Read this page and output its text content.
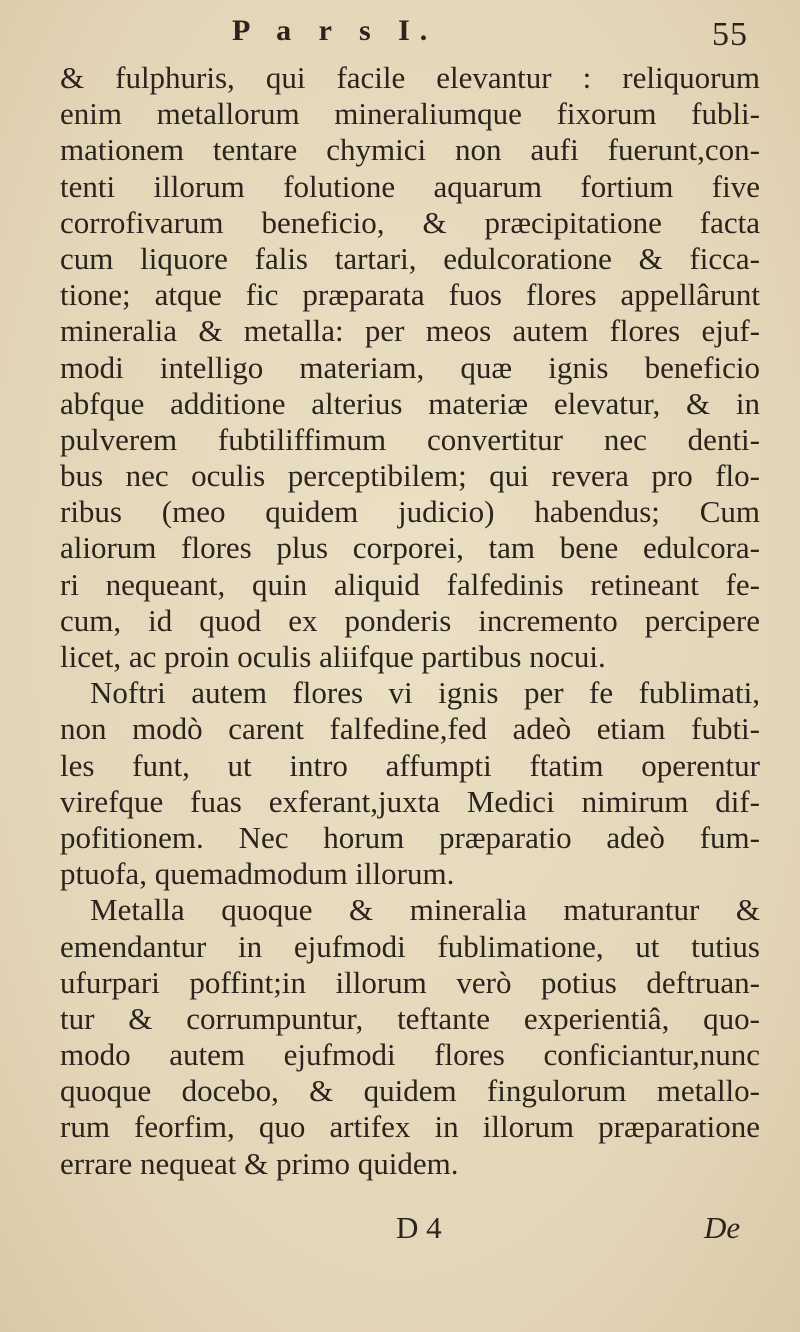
P a r s I.	55
& fulphuris, qui facile elevantur : reliquorum
enim metallorum mineraliumque fixorum fubli-
mationem tentare chymici non aufi fuerunt,con-
tenti illorum folutione aquarum fortium five
corrofivarum beneficio, & præcipitatione facta
cum liquore falis tartari, edulcoratione & ficca-
tione; atque fic præparata fuos flores appellârunt
mineralia & metalla: per meos autem flores ejuf-
modi intelligo materiam, quæ ignis beneficio
abfque additione alterius materiæ elevatur, & in
pulverem fubtiliffimum convertitur nec denti-
bus nec oculis perceptibilem; qui revera pro flo-
ribus (meo quidem judicio) habendus; Cum
aliorum flores plus corporei, tam bene edulcora-
ri nequeant, quin aliquid falfedinis retineant fe-
cum, id quod ex ponderis incremento percipere
licet, ac proin oculis aliifque partibus nocui.
Noftri autem flores vi ignis per fe fublimati,
non modò carent falfedine,fed adeò etiam fubti-
les funt, ut intro affumpti ftatim operentur
virefque fuas exferant,juxta Medici nimirum dif-
pofitionem. Nec horum præparatio adeò fum-
ptuofa, quemadmodum illorum.
Metalla quoque & mineralia maturantur &
emendantur in ejufmodi fublimatione, ut tutius
ufurpari poffint;in illorum verò potius deftruan-
tur & corrumpuntur, teftante experientiâ, quo-
modo autem ejufmodi flores conficiantur,nunc
quoque docebo, & quidem fingulorum metallo-
rum feorfim, quo artifex in illorum præparatione
errare nequeat & primo quidem.
D 4	De
